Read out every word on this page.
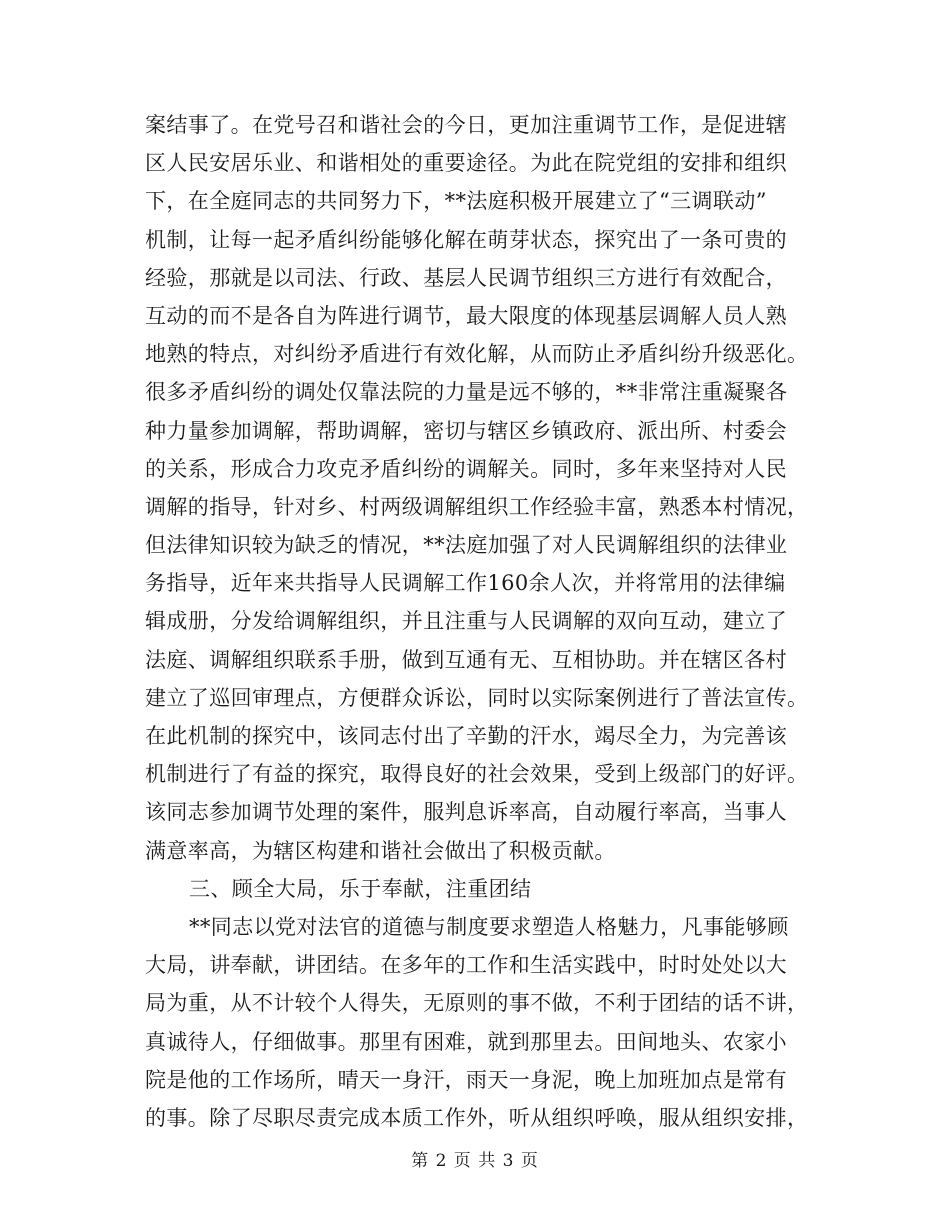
案结事了。在党号召和谐社会的今日，更加注重调节工作，是促进辖
区人民安居乐业、和谐相处的重要途径。为此在院党组的安排和组织
下，在全庭同志的共同努力下，**法庭积极开展建立了“三调联动”
机制，让每一起矛盾纠纷能够化解在萌芽状态，探究出了一条可贵的
经验，那就是以司法、行政、基层人民调节组织三方进行有效配合，
互动的而不是各自为阵进行调节，最大限度的体现基层调解人员人熟
地熟的特点，对纠纷矛盾进行有效化解，从而防止矛盾纠纷升级恶化。
很多矛盾纠纷的调处仅靠法院的力量是远不够的，**非常注重凝聚各
种力量参加调解，帮助调解，密切与辖区乡镇政府、派出所、村委会
的关系，形成合力攻克矛盾纠纷的调解关。同时，多年来坚持对人民
调解的指导，针对乡、村两级调解组织工作经验丰富，熟悉本村情况，
但法律知识较为缺乏的情况，**法庭加强了对人民调解组织的法律业
务指导，近年来共指导人民调解工作160余人次，并将常用的法律编
辑成册，分发给调解组织，并且注重与人民调解的双向互动，建立了
法庭、调解组织联系手册，做到互通有无、互相协助。并在辖区各村
建立了巡回审理点，方便群众诉讼，同时以实际案例进行了普法宣传。
在此机制的探究中，该同志付出了辛勤的汗水，竭尽全力，为完善该
机制进行了有益的探究，取得良好的社会效果，受到上级部门的好评。
该同志参加调节处理的案件，服判息诉率高，自动履行率高，当事人
满意率高，为辖区构建和谐社会做出了积极贡献。
三、顾全大局，乐于奉献，注重团结
**同志以党对法官的道德与制度要求塑造人格魅力，凡事能够顾
大局，讲奉献，讲团结。在多年的工作和生活实践中，时时处处以大
局为重，从不计较个人得失，无原则的事不做，不利于团结的话不讲，
真诚待人，仔细做事。那里有困难，就到那里去。田间地头、农家小
院是他的工作场所，晴天一身汗，雨天一身泥，晚上加班加点是常有
的事。除了尽职尽责完成本质工作外，听从组织呼唤，服从组织安排，
第 2 页 共 3 页
